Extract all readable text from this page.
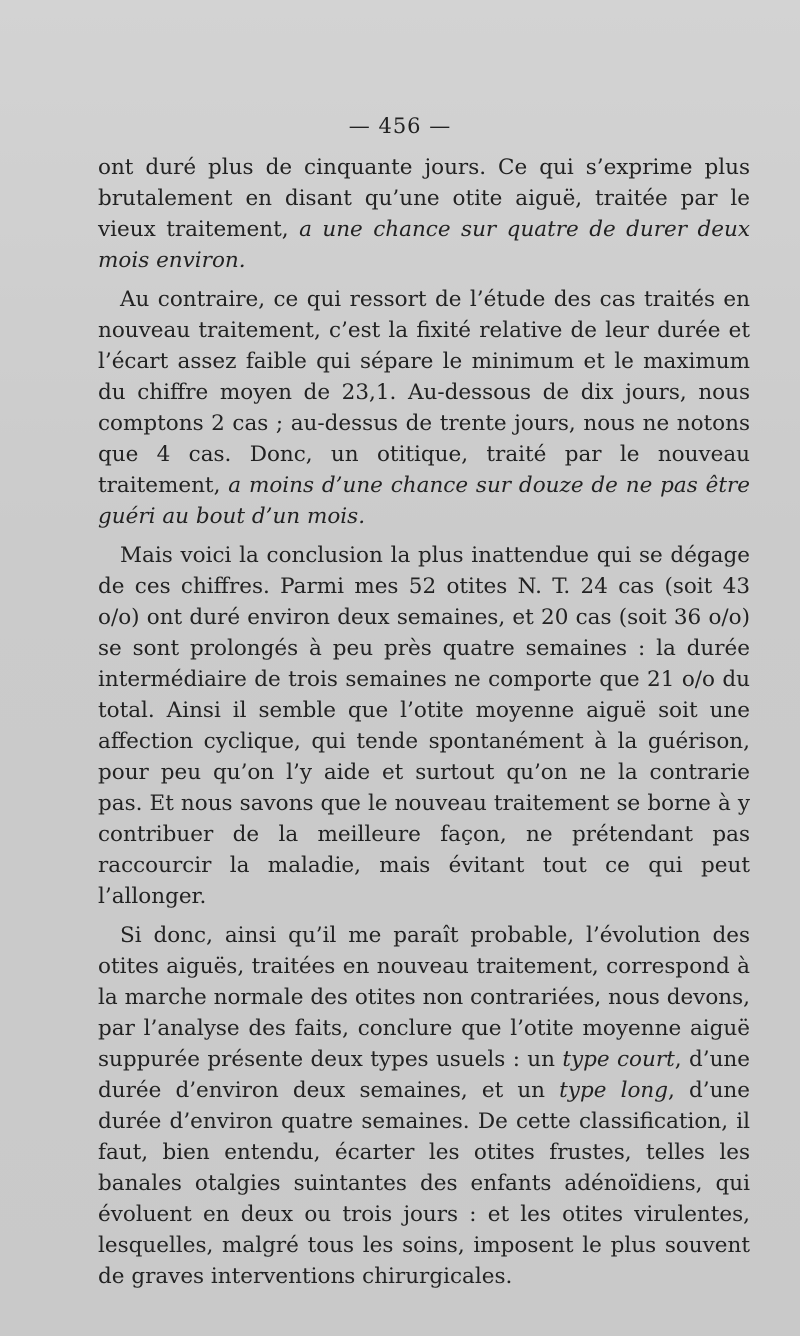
— 456 —

ont duré plus de cinquante jours. Ce qui s’exprime plus brutalement en disant qu’une otite aiguë, traitée par le vieux traitement, a une chance sur quatre de durer deux mois environ.

Au contraire, ce qui ressort de l’étude des cas traités en nouveau traitement, c’est la fixité relative de leur durée et l’écart assez faible qui sépare le minimum et le maximum du chiffre moyen de 23,1. Au-dessous de dix jours, nous comptons 2 cas ; au-dessus de trente jours, nous ne notons que 4 cas. Donc, un otitique, traité par le nouveau traitement, a moins d’une chance sur douze de ne pas être guéri au bout d’un mois.

Mais voici la conclusion la plus inattendue qui se dégage de ces chiffres. Parmi mes 52 otites N. T. 24 cas (soit 43 o/o) ont duré environ deux semaines, et 20 cas (soit 36 o/o) se sont prolongés à peu près quatre semaines : la durée intermédiaire de trois semaines ne comporte que 21 o/o du total. Ainsi il semble que l’otite moyenne aiguë soit une affection cyclique, qui tende spontanément à la guérison, pour peu qu’on l’y aide et surtout qu’on ne la contrarie pas. Et nous savons que le nouveau traitement se borne à y contribuer de la meilleure façon, ne prétendant pas raccourcir la maladie, mais évitant tout ce qui peut l’allonger.

Si donc, ainsi qu’il me paraît probable, l’évolution des otites aiguës, traitées en nouveau traitement, correspond à la marche normale des otites non contrariées, nous devons, par l’analyse des faits, conclure que l’otite moyenne aiguë suppurée présente deux types usuels : un type court, d’une durée d’environ deux semaines, et un type long, d’une durée d’environ quatre semaines. De cette classification, il faut, bien entendu, écarter les otites frustes, telles les banales otalgies suintantes des enfants adénoïdiens, qui évoluent en deux ou trois jours : et les otites virulentes, lesquelles, malgré tous les soins, imposent le plus souvent de graves interventions chirurgicales.
